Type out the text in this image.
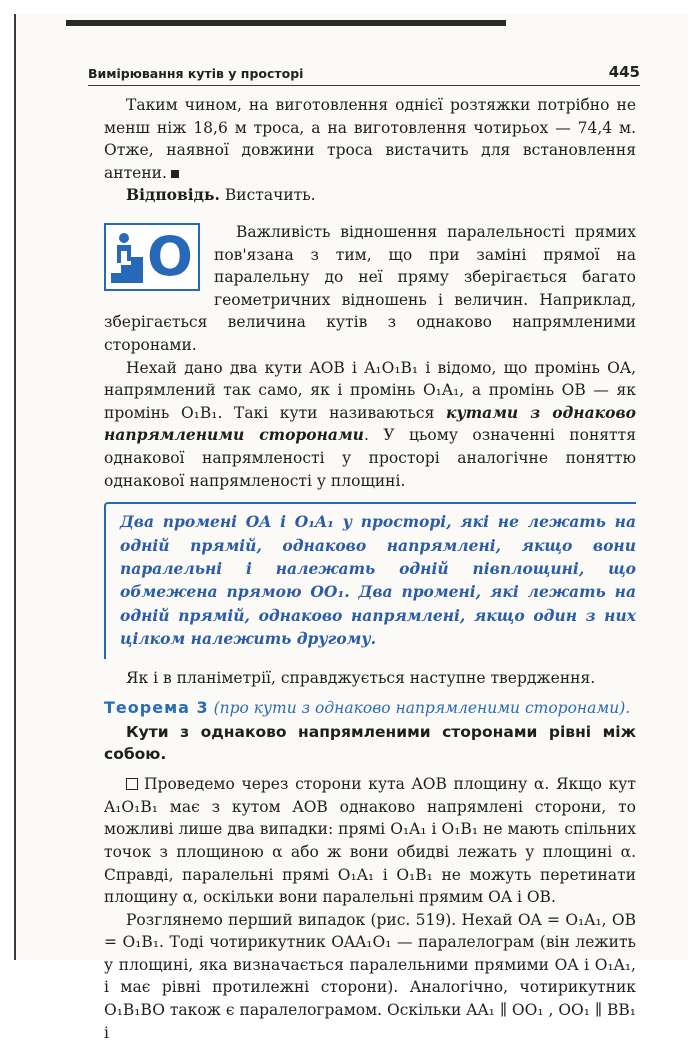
Вимірювання кутів у просторі	445

Таким чином, на виготовлення однієї розтяжки потрібно не менш ніж 18,6 м троса, а на виготовлення чотирьох — 74,4 м. Отже, наявної довжини троса вистачить для встановлення антени.

Відповідь. Вистачить.

O	Важливість відношення паралельності прямих пов'язана з тим, що при заміні прямої на паралельну до неї пряму зберігається багато геометричних відношень і величин. Наприклад, зберігається величина кутів з однаково напрямленими сторонами.

Нехай дано два кути AOB і A₁O₁B₁ і відомо, що промінь OA, напрямлений так само, як і промінь O₁A₁, а промінь OB — як промінь O₁B₁. Такі кути називаються кутами з однаково напрямленими сторонами. У цьому означенні поняття однакової напрямленості у просторі аналогічне поняттю однакової напрямленості у площині.

Два промені OA і O₁A₁ у просторі, які не лежать на одній прямій, однаково напрямлені, якщо вони паралельні і належать одній півплощині, що обмежена прямою OO₁. Два промені, які лежать на одній прямій, однаково напрямлені, якщо один з них цілком належить другому.

Як і в планіметрії, справджується наступне твердження.

Теорема 3 (про кути з однаково напрямленими сторонами).

Кути з однаково напрямленими сторонами рівні між собою.

Проведемо через сторони кута AOB площину α. Якщо кут A₁O₁B₁ має з кутом AOB однаково напрямлені сторони, то можливі лише два випадки: прямі O₁A₁ і O₁B₁ не мають спільних точок з площиною α або ж вони обидві лежать у площині α. Справді, паралельні прямі O₁A₁ і O₁B₁ не можуть перетинати площину α, оскільки вони паралельні прямим OA і OB.

Розглянемо перший випадок (рис. 519). Нехай OA = O₁A₁, OB = O₁B₁. Тоді чотирикутник OAA₁O₁ — паралелограм (він лежить у площині, яка визначається паралельними прямими OA і O₁A₁, і має рівні протилежні сторони). Аналогічно, чотирикутник O₁B₁BO також є паралелограмом. Оскільки AA₁ ∥ OO₁ , OO₁ ∥ BB₁ і
